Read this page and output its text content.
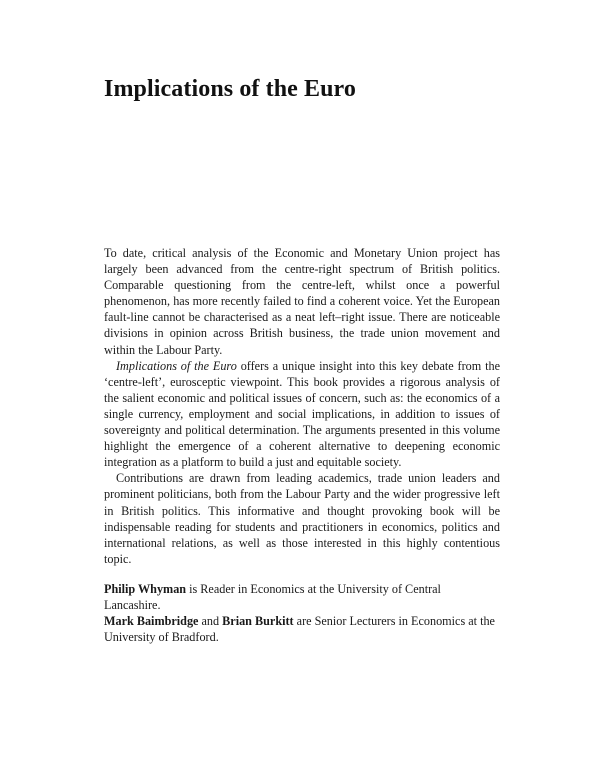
Implications of the Euro

To date, critical analysis of the Economic and Monetary Union project has largely been advanced from the centre-right spectrum of British politics. Comparable questioning from the centre-left, whilst once a powerful phenomenon, has more recently failed to find a coherent voice. Yet the European fault-line cannot be characterised as a neat left–right issue. There are noticeable divisions in opinion across British business, the trade union movement and within the Labour Party.

Implications of the Euro offers a unique insight into this key debate from the ‘centre-left’, eurosceptic viewpoint. This book provides a rigorous analysis of the salient economic and political issues of concern, such as: the economics of a single currency, employment and social implications, in addition to issues of sovereignty and political determination. The arguments presented in this volume highlight the emergence of a coherent alternative to deepening economic integration as a platform to build a just and equitable society.

Contributions are drawn from leading academics, trade union leaders and prominent politicians, both from the Labour Party and the wider progressive left in British politics. This informative and thought provoking book will be indispensable reading for students and practitioners in economics, politics and international relations, as well as those interested in this highly contentious topic.

Philip Whyman is Reader in Economics at the University of Central Lancashire.
Mark Baimbridge and Brian Burkitt are Senior Lecturers in Economics at the University of Bradford.
